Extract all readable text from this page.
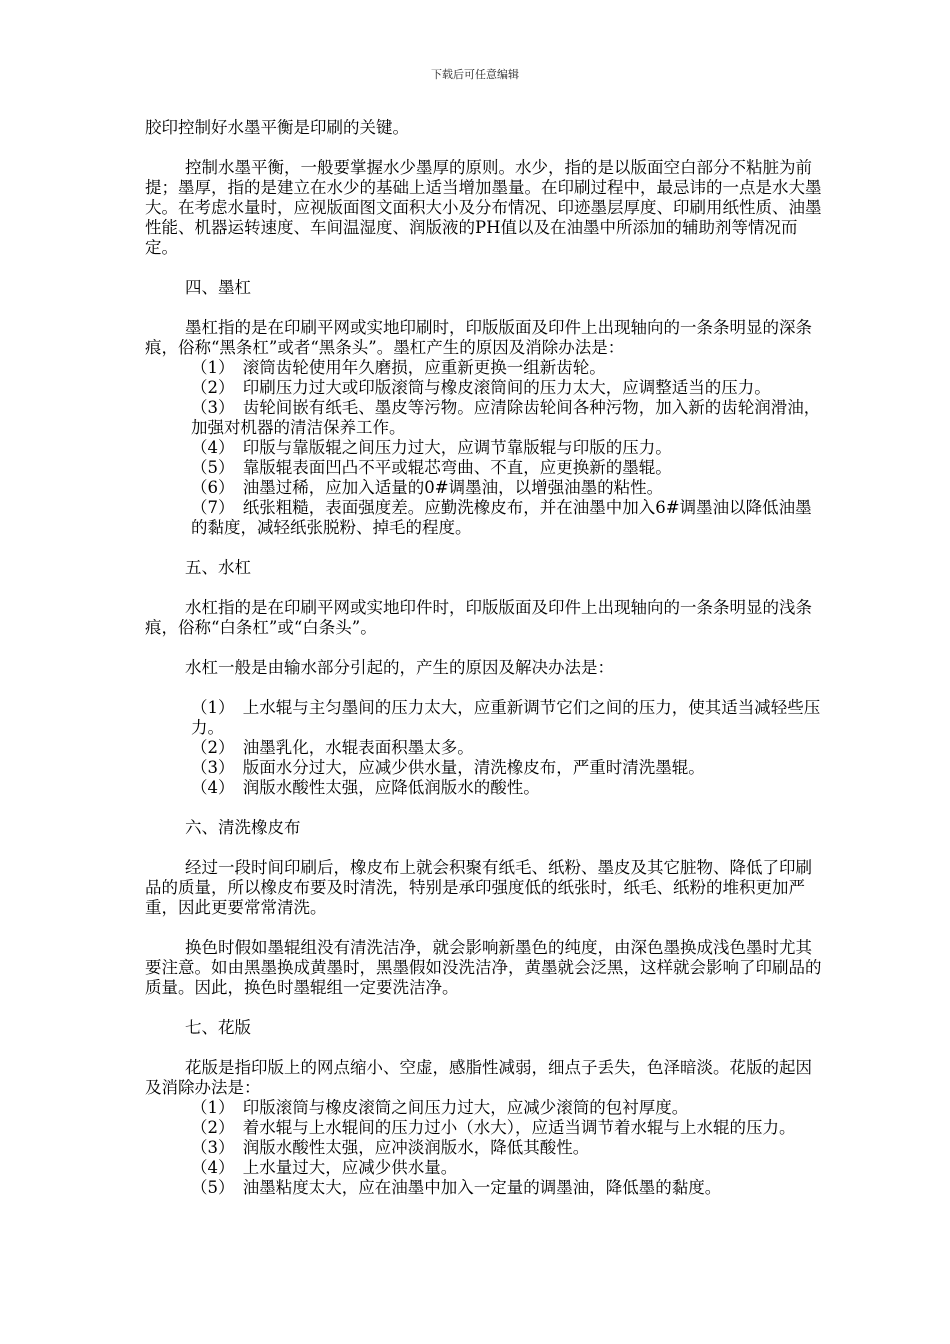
下载后可任意编辑

胶印控制好水墨平衡是印刷的关键。

控制水墨平衡，一般要掌握水少墨厚的原则。水少，指的是以版面空白部分不粘脏为前提；墨厚，指的是建立在水少的基础上适当增加墨量。在印刷过程中，最忌讳的一点是水大墨大。在考虑水量时，应视版面图文面积大小及分布情况、印迹墨层厚度、印刷用纸性质、油墨性能、机器运转速度、车间温湿度、润版液的PH值以及在油墨中所添加的辅助剂等情况而定。

四、墨杠

墨杠指的是在印刷平网或实地印刷时，印版版面及印件上出现轴向的一条条明显的深条痕，俗称“黑条杠”或者“黑条头”。墨杠产生的原因及消除办法是：

（1）　滚筒齿轮使用年久磨损，应重新更换一组新齿轮。

（2）　印刷压力过大或印版滚筒与橡皮滚筒间的压力太大，应调整适当的压力。

（3）　齿轮间嵌有纸毛、墨皮等污物。应清除齿轮间各种污物，加入新的齿轮润滑油，加强对机器的清洁保养工作。

（4）　印版与靠版辊之间压力过大，应调节靠版辊与印版的压力。

（5）　靠版辊表面凹凸不平或辊芯弯曲、不直，应更换新的墨辊。

（6）　油墨过稀，应加入适量的0#调墨油，以增强油墨的粘性。

（7）　纸张粗糙，表面强度差。应勤洗橡皮布，并在油墨中加入6#调墨油以降低油墨的黏度，减轻纸张脱粉、掉毛的程度。

五、水杠

水杠指的是在印刷平网或实地印件时，印版版面及印件上出现轴向的一条条明显的浅条痕，俗称“白条杠”或“白条头”。

水杠一般是由输水部分引起的，产生的原因及解决办法是：

（1）　上水辊与主匀墨间的压力太大，应重新调节它们之间的压力，使其适当减轻些压力。

（2）　油墨乳化，水辊表面积墨太多。

（3）　版面水分过大，应减少供水量，清洗橡皮布，严重时清洗墨辊。

（4）　润版水酸性太强，应降低润版水的酸性。

六、清洗橡皮布

经过一段时间印刷后，橡皮布上就会积聚有纸毛、纸粉、墨皮及其它脏物、降低了印刷品的质量，所以橡皮布要及时清洗，特别是承印强度低的纸张时，纸毛、纸粉的堆积更加严重，因此更要常常清洗。

换色时假如墨辊组没有清洗洁净，就会影响新墨色的纯度，由深色墨换成浅色墨时尤其要注意。如由黑墨换成黄墨时，黑墨假如没洗洁净，黄墨就会泛黑，这样就会影响了印刷品的质量。因此，换色时墨辊组一定要洗洁净。

七、花版

花版是指印版上的网点缩小、空虚，感脂性减弱，细点子丢失，色泽暗淡。花版的起因及消除办法是：

（1）　印版滚筒与橡皮滚筒之间压力过大，应减少滚筒的包衬厚度。

（2）　着水辊与上水辊间的压力过小（水大），应适当调节着水辊与上水辊的压力。

（3）　润版水酸性太强，应冲淡润版水，降低其酸性。

（4）　上水量过大，应减少供水量。

（5）　油墨粘度太大，应在油墨中加入一定量的调墨油，降低墨的黏度。
